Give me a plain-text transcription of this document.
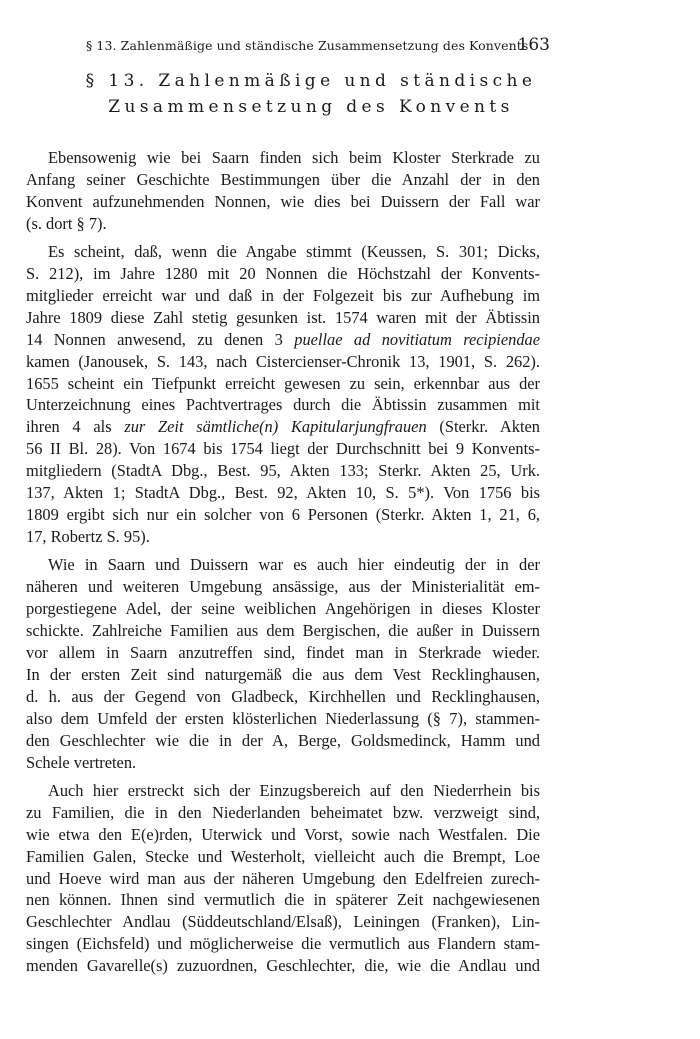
§ 13. Zahlenmäßige und ständische Zusammensetzung des Konvents
163
§ 13. Zahlenmäßige und ständische
Zusammensetzung des Konvents

Ebensowenig wie bei Saarn finden sich beim Kloster Sterkrade zu
Anfang seiner Geschichte Bestimmungen über die Anzahl der in den
Konvent aufzunehmenden Nonnen, wie dies bei Duissern der Fall war
(s. dort § 7).

Es scheint, daß, wenn die Angabe stimmt (Keussen, S. 301; Dicks,
S. 212), im Jahre 1280 mit 20 Nonnen die Höchstzahl der Konvents-
mitglieder erreicht war und daß in der Folgezeit bis zur Aufhebung im
Jahre 1809 diese Zahl stetig gesunken ist. 1574 waren mit der Äbtissin
14 Nonnen anwesend, zu denen 3 puellae ad novitiatum recipiendae
kamen (Janousek, S. 143, nach Cistercienser-Chronik 13, 1901, S. 262).
1655 scheint ein Tiefpunkt erreicht gewesen zu sein, erkennbar aus der
Unterzeichnung eines Pachtvertrages durch die Äbtissin zusammen mit
ihren 4 als zur Zeit sämtliche(n) Kapitularjungfrauen (Sterkr. Akten
56 II Bl. 28). Von 1674 bis 1754 liegt der Durchschnitt bei 9 Konvents-
mitgliedern (StadtA Dbg., Best. 95, Akten 133; Sterkr. Akten 25, Urk.
137, Akten 1; StadtA Dbg., Best. 92, Akten 10, S. 5*). Von 1756 bis
1809 ergibt sich nur ein solcher von 6 Personen (Sterkr. Akten 1, 21, 6,
17, Robertz S. 95).

Wie in Saarn und Duissern war es auch hier eindeutig der in der
näheren und weiteren Umgebung ansässige, aus der Ministerialität em-
porgestiegene Adel, der seine weiblichen Angehörigen in dieses Kloster
schickte. Zahlreiche Familien aus dem Bergischen, die außer in Duissern
vor allem in Saarn anzutreffen sind, findet man in Sterkrade wieder.
In der ersten Zeit sind naturgemäß die aus dem Vest Recklinghausen,
d. h. aus der Gegend von Gladbeck, Kirchhellen und Recklinghausen,
also dem Umfeld der ersten klösterlichen Niederlassung (§ 7), stammen-
den Geschlechter wie die in der A, Berge, Goldsmedinck, Hamm und
Schele vertreten.

Auch hier erstreckt sich der Einzugsbereich auf den Niederrhein bis
zu Familien, die in den Niederlanden beheimatet bzw. verzweigt sind,
wie etwa den E(e)rden, Uterwick und Vorst, sowie nach Westfalen. Die
Familien Galen, Stecke und Westerholt, vielleicht auch die Brempt, Loe
und Hoeve wird man aus der näheren Umgebung den Edelfreien zurech-
nen können. Ihnen sind vermutlich die in späterer Zeit nachgewiesenen
Geschlechter Andlau (Süddeutschland/Elsaß), Leiningen (Franken), Lin-
singen (Eichsfeld) und möglicherweise die vermutlich aus Flandern stam-
menden Gavarelle(s) zuzuordnen, Geschlechter, die, wie die Andlau und
